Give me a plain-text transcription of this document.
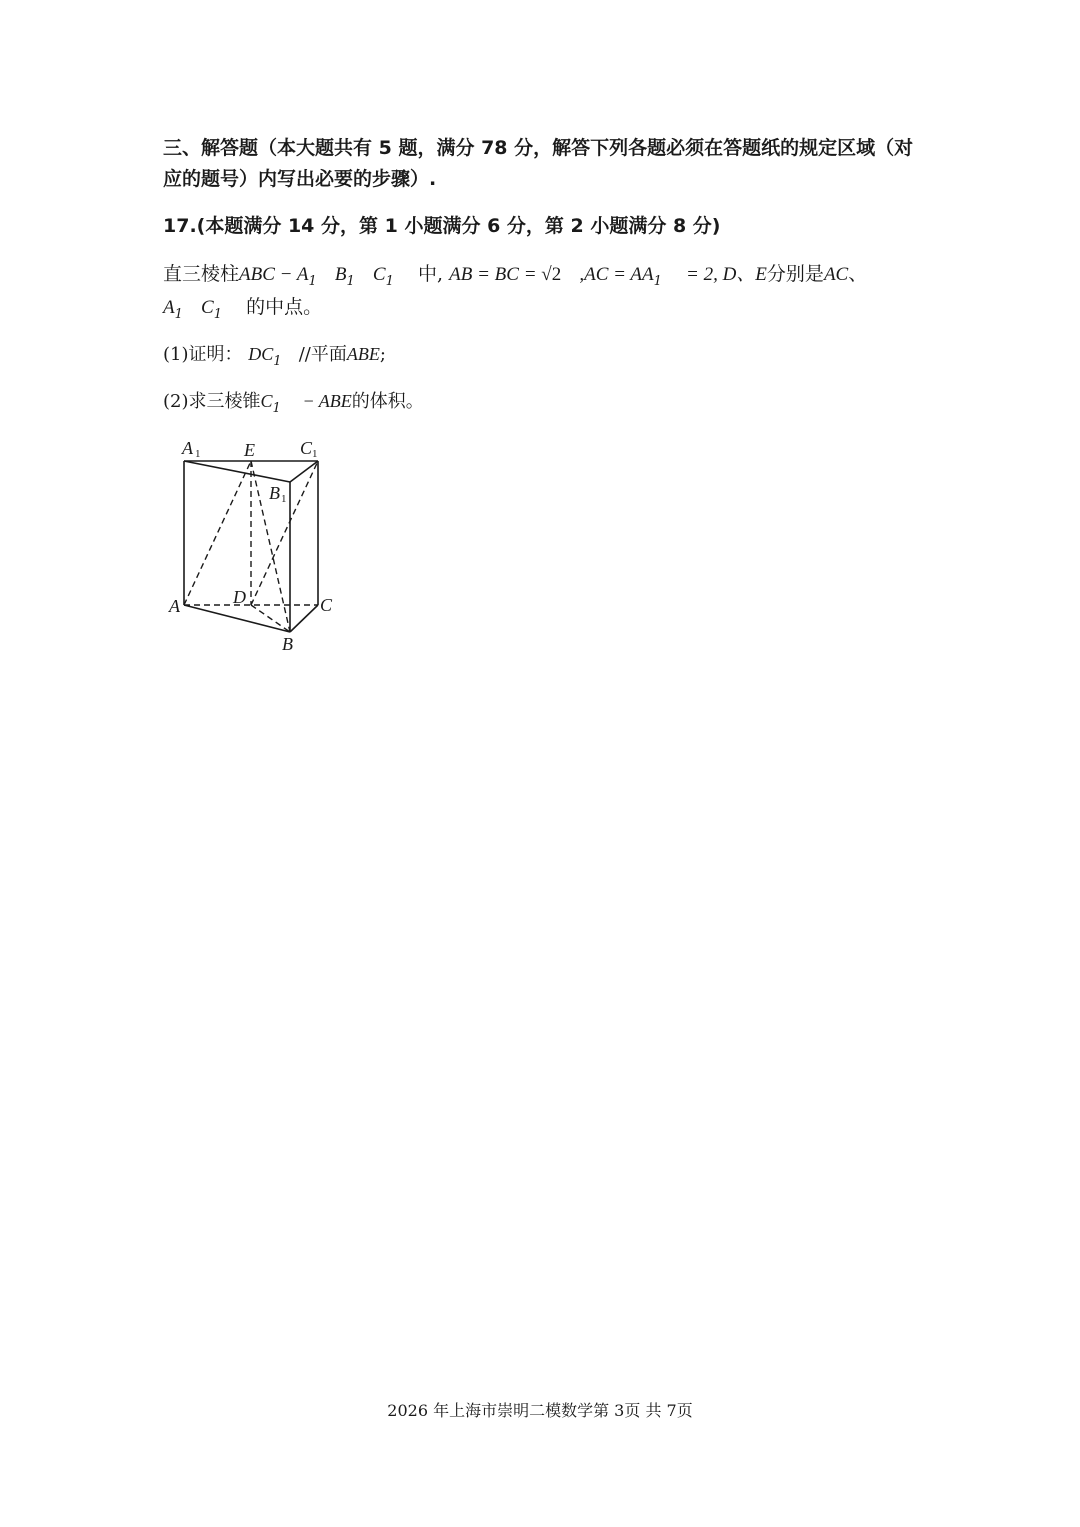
三、解答题（本大题共有 5 题，满分 78 分，解答下列各题必须在答题纸的规定区域（对
应的题号）内写出必要的步骤）.
17.(本题满分 14 分，第 1 小题满分 6 分，第 2 小题满分 8 分)
直三棱柱ABC − $A_1$ $B_1$ $C_1$ 中, AB = BC = √2 $,AC = AA_1 = 2$, D、E分别是AC、
$A_1$ $C_1$ 的中点。
(1)证明： $DC_1$ //平面ABE;
(2)求三棱锥$C_1$    − ABE的体积。
A 1 E	C 1
B 1
A	D	C
B
2026 年上海市崇明二模数学第 3页 共 7页
